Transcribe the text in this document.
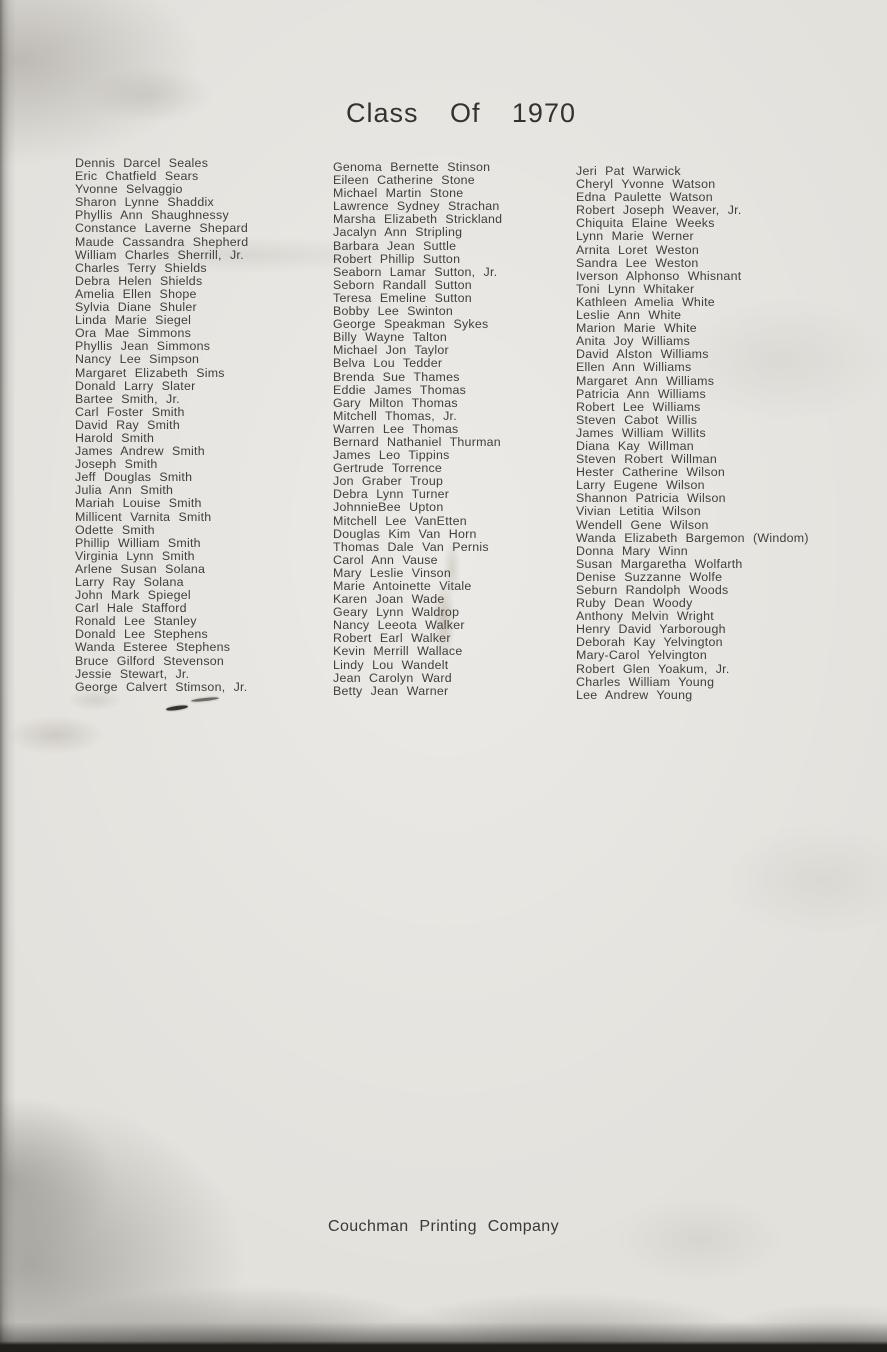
Class Of 1970
Dennis Darcel Seales
Eric Chatfield Sears
Yvonne Selvaggio
Sharon Lynne Shaddix
Phyllis Ann Shaughnessy
Constance Laverne Shepard
Maude Cassandra Shepherd
William Charles Sherrill, Jr.
Charles Terry Shields
Debra Helen Shields
Amelia Ellen Shope
Sylvia Diane Shuler
Linda Marie Siegel
Ora Mae Simmons
Phyllis Jean Simmons
Nancy Lee Simpson
Margaret Elizabeth Sims
Donald Larry Slater
Bartee Smith, Jr.
Carl Foster Smith
David Ray Smith
Harold Smith
James Andrew Smith
Joseph Smith
Jeff Douglas Smith
Julia Ann Smith
Mariah Louise Smith
Millicent Varnita Smith
Odette Smith
Phillip William Smith
Virginia Lynn Smith
Arlene Susan Solana
Larry Ray Solana
John Mark Spiegel
Carl Hale Stafford
Ronald Lee Stanley
Donald Lee Stephens
Wanda Esteree Stephens
Bruce Gilford Stevenson
Jessie Stewart, Jr.
George Calvert Stimson, Jr.
Genoma Bernette Stinson
Eileen Catherine Stone
Michael Martin Stone
Lawrence Sydney Strachan
Marsha Elizabeth Strickland
Jacalyn Ann Stripling
Barbara Jean Suttle
Robert Phillip Sutton
Seaborn Lamar Sutton, Jr.
Seborn Randall Sutton
Teresa Emeline Sutton
Bobby Lee Swinton
George Speakman Sykes
Billy Wayne Talton
Michael Jon Taylor
Belva Lou Tedder
Brenda Sue Thames
Eddie James Thomas
Gary Milton Thomas
Mitchell Thomas, Jr.
Warren Lee Thomas
Bernard Nathaniel Thurman
James Leo Tippins
Gertrude Torrence
Jon Graber Troup
Debra Lynn Turner
JohnnieBee Upton
Mitchell Lee VanEtten
Douglas Kim Van Horn
Thomas Dale Van Pernis
Carol Ann Vause
Mary Leslie Vinson
Marie Antoinette Vitale
Karen Joan Wade
Geary Lynn Waldrop
Nancy Leeota Walker
Robert Earl Walker
Kevin Merrill Wallace
Lindy Lou Wandelt
Jean Carolyn Ward
Betty Jean Warner
Jeri Pat Warwick
Cheryl Yvonne Watson
Edna Paulette Watson
Robert Joseph Weaver, Jr.
Chiquita Elaine Weeks
Lynn Marie Werner
Arnita Loret Weston
Sandra Lee Weston
Iverson Alphonso Whisnant
Toni Lynn Whitaker
Kathleen Amelia White
Leslie Ann White
Marion Marie White
Anita Joy Williams
David Alston Williams
Ellen Ann Williams
Margaret Ann Williams
Patricia Ann Williams
Robert Lee Williams
Steven Cabot Willis
James William Willits
Diana Kay Willman
Steven Robert Willman
Hester Catherine Wilson
Larry Eugene Wilson
Shannon Patricia Wilson
Vivian Letitia Wilson
Wendell Gene Wilson
Wanda Elizabeth Bargemon (Windom)
Donna Mary Winn
Susan Margaretha Wolfarth
Denise Suzzanne Wolfe
Seburn Randolph Woods
Ruby Dean Woody
Anthony Melvin Wright
Henry David Yarborough
Deborah Kay Yelvington
Mary-Carol Yelvington
Robert Glen Yoakum, Jr.
Charles William Young
Lee Andrew Young
Couchman Printing Company
